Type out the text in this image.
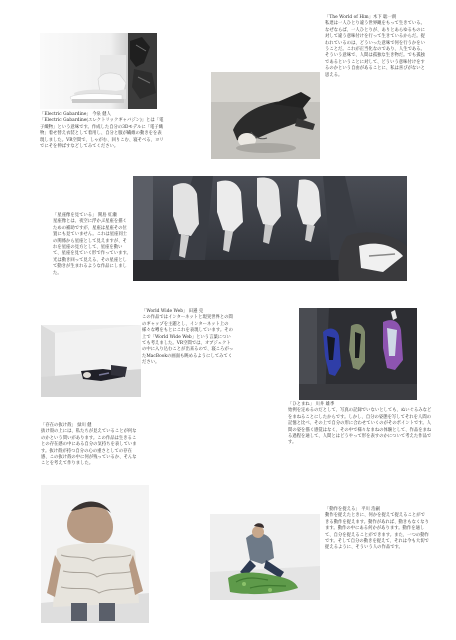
「Electric Gabardine」 今泉 健人
「Electric Gabardine(エレクトリックギャバジン)」とは「電子織物」という意味です。作成した自分の3Dモデルに「電子織物」着せ替え衣装として着用し、自分と服が繊維の動きをを表現しました。VR空間で、しゃがむ、回りこむ、寝そべる、ヨリでにそを伸ばすなどしてみてください。
「The World of Him」木下 聡一朗
私達は一人ひとり違う世界観をもって生きている。なぜならば、一人ひとりが、ありとあらゆるものに対して違う意味付けを行って生きているからだ。捉われているのは、どういった意味で何を行うかをいうことだ。これが正当化なのであり、人生である。そういう意味で、人間は孤独な生き物だ。でも孤独であるということに対して、どういう意味付けをするのかという自由があることに、私は喜びがないと思える。
「星座像を見ている」 関島 紅瀬
星座像とは、夜空に浮かぶ星座を描くための補助ですが、星座は星座その位置にも見ていません。これは星座同士の関係から星座として見えますが、それを星座の見方として、星座を動いて、星座を見ていく形で作っています。光は動き回って見える、その星座として動きが生まれるような作品にしました。
「World Wide Web」 田邉 克
この作品ではインターネットと現実世界との間のギャップを主題とし、インターネット上の様々な噂をもとにこれを表現しています。その上で「World Wide Web」という言葉についても考えました。VR空間では、オブジェクトの中に入り込むことが出来るので、寝ころがったMacBookの画面も眺めるようにしてみてください。
「ひとまね」 川井 雄季
始例を定めるのだとして、写真の記録でいないとしても、ぬいぐるみなどをまねることにしたからです。しかし、自分の姿態を写してそれを人間の記憶と比べ、その上で自分の形に合わせていくのがそのポイントです。人間の姿を描く感覚はなく、その中で様々なまねの体験として、作品をまねる過程を通して、人間とはどうやって形を表すのかについて考えた作品です。
「存在の抜け殻」 緑川 健
抜け殻の上には、私たちが見えていることが何なのかという問いがあります。この作品は生きることの存在感の中にある自分の気持ちを表しています。抜け殻が持つ自分の心の重さとしての存在感、この抜け殻の中に何が残っているか、そんなことを考えて作りました。
「動作を捉える」 平川 浩嗣
動作を捉えたときに、何かを捉えて捉えることができる動作を捉えます。動作があれば、動きもなくなります。動作の中にある何かがあります。動作を通して、自分を捉えることができます。また、一つの動作です。そして自分の動きを捉えて、それは今も大切で捉えるように、そういう人の作品です。
